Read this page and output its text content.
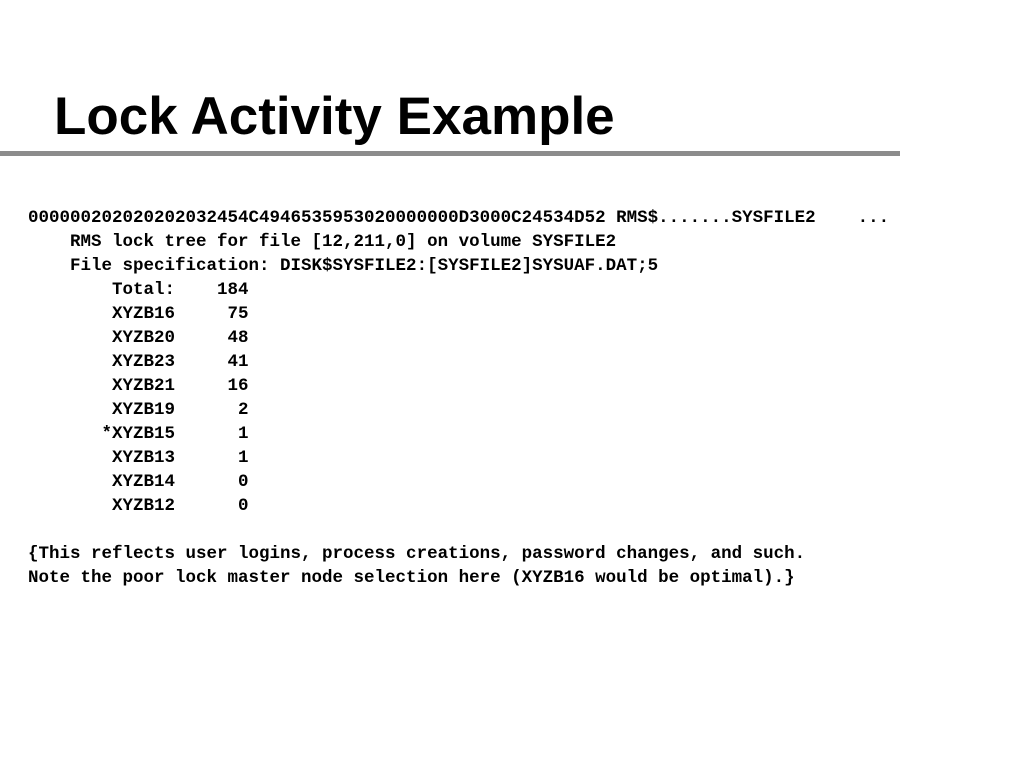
Lock Activity Example
000000202020202032454C4946535953020000000D3000C24534D52 RMS$.......SYSFILE2    ...
RMS lock tree for file [12,211,0] on volume SYSFILE2
File specification: DISK$SYSFILE2:[SYSFILE2]SYSUAF.DAT;5
Total:    184
XYZB16     75
XYZB20     48
XYZB23     41
XYZB21     16
XYZB19      2
*XYZB15      1
XYZB13      1
XYZB14      0
XYZB12      0
{This reflects user logins, process creations, password changes, and such.
Note the poor lock master node selection here (XYZB16 would be optimal).}
